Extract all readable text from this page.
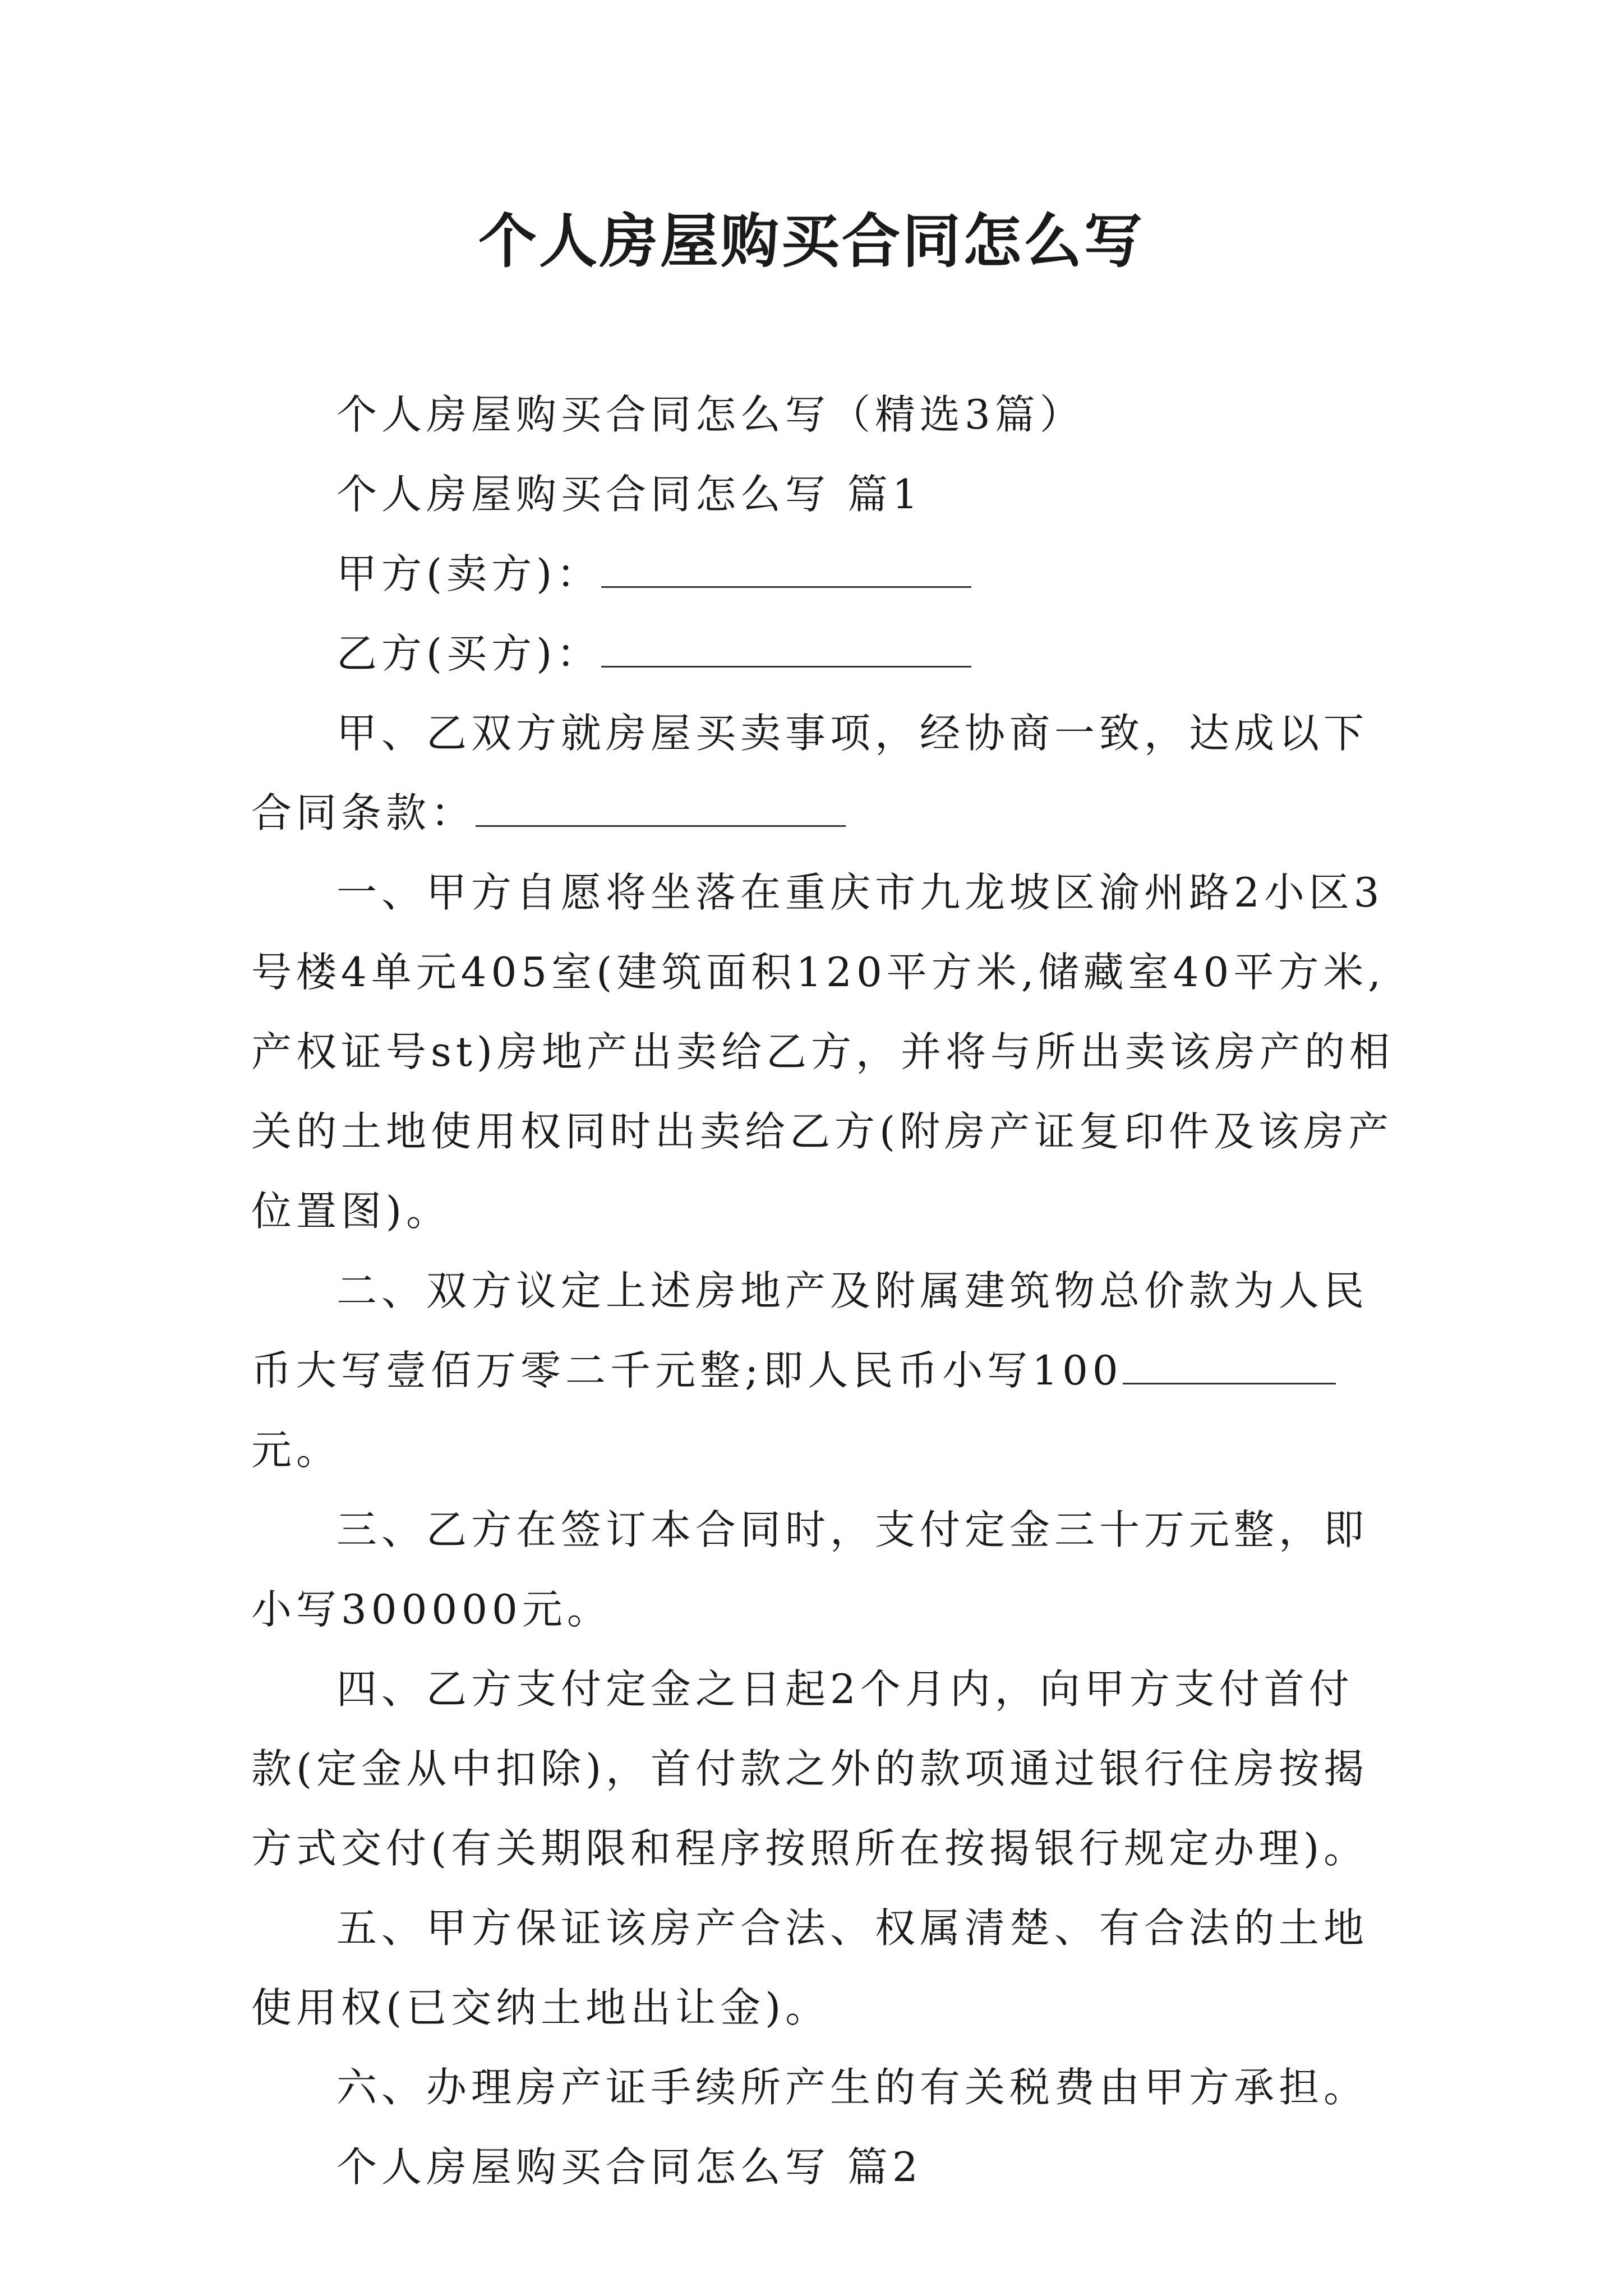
个人房屋购买合同怎么写

个人房屋购买合同怎么写（精选3篇）

个人房屋购买合同怎么写 篇1

甲方(卖方)：

乙方(买方)：

甲、乙双方就房屋买卖事项，经协商一致，达成以下合同条款：

一、甲方自愿将坐落在重庆市九龙坡区渝州路2小区3号楼4单元405室(建筑面积120平方米,储藏室40平方米,产权证号st)房地产出卖给乙方，并将与所出卖该房产的相关的土地使用权同时出卖给乙方(附房产证复印件及该房产位置图)。

二、双方议定上述房地产及附属建筑物总价款为人民币大写壹佰万零二千元整;即人民币小写100元。

三、乙方在签订本合同时，支付定金三十万元整，即小写300000元。

四、乙方支付定金之日起2个月内，向甲方支付首付款(定金从中扣除)，首付款之外的款项通过银行住房按揭方式交付(有关期限和程序按照所在按揭银行规定办理)。

五、甲方保证该房产合法、权属清楚、有合法的土地使用权(已交纳土地出让金)。

六、办理房产证手续所产生的有关税费由甲方承担。

个人房屋购买合同怎么写 篇2
